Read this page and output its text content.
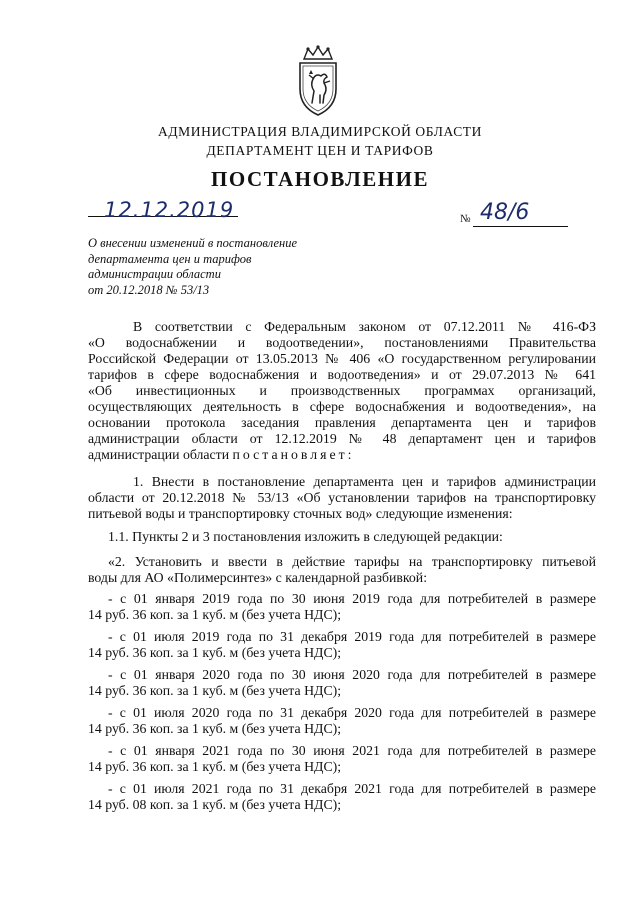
АДМИНИСТРАЦИЯ ВЛАДИМИРСКОЙ ОБЛАСТИ
ДЕПАРТАМЕНТ ЦЕН И ТАРИФОВ
ПОСТАНОВЛЕНИЕ
12.12.2019	№ 48/6
О внесении изменений в постановление
департамента цен и тарифов
администрации области
от 20.12.2018 № 53/13
В соответствии с Федеральным законом от 07.12.2011 № 416-ФЗ
«О водоснабжении и водоотведении», постановлениями Правительства
Российской Федерации от 13.05.2013 № 406 «О государственном регулировании
тарифов в сфере водоснабжения и водоотведения» и от 29.07.2013 № 641
«Об инвестиционных и производственных программах организаций,
осуществляющих деятельность в сфере водоснабжения и водоотведения», на
основании протокола заседания правления департамента цен и тарифов
администрации области от 12.12.2019 № 48 департамент цен и тарифов
администрации области постановляет:
1. Внести в постановление департамента цен и тарифов администрации
области от 20.12.2018 № 53/13 «Об установлении тарифов на транспортировку
питьевой воды и транспортировку сточных вод» следующие изменения:
1.1. Пункты 2 и 3 постановления изложить в следующей редакции:
«2. Установить и ввести в действие тарифы на транспортировку питьевой
воды для АО «Полимерсинтез» с календарной разбивкой:
- с 01 января 2019 года по 30 июня 2019 года для потребителей в размере
14 руб. 36 коп. за 1 куб. м (без учета НДС);
- с 01 июля 2019 года по 31 декабря 2019 года для потребителей в размере
14 руб. 36 коп. за 1 куб. м (без учета НДС);
- с 01 января 2020 года по 30 июня 2020 года для потребителей в размере
14 руб. 36 коп. за 1 куб. м (без учета НДС);
- с 01 июля 2020 года по 31 декабря 2020 года для потребителей в размере
14 руб. 36 коп. за 1 куб. м (без учета НДС);
- с 01 января 2021 года по 30 июня 2021 года для потребителей в размере
14 руб. 36 коп. за 1 куб. м (без учета НДС);
- с 01 июля 2021 года по 31 декабря 2021 года для потребителей в размере
14 руб. 08 коп. за 1 куб. м (без учета НДС);
